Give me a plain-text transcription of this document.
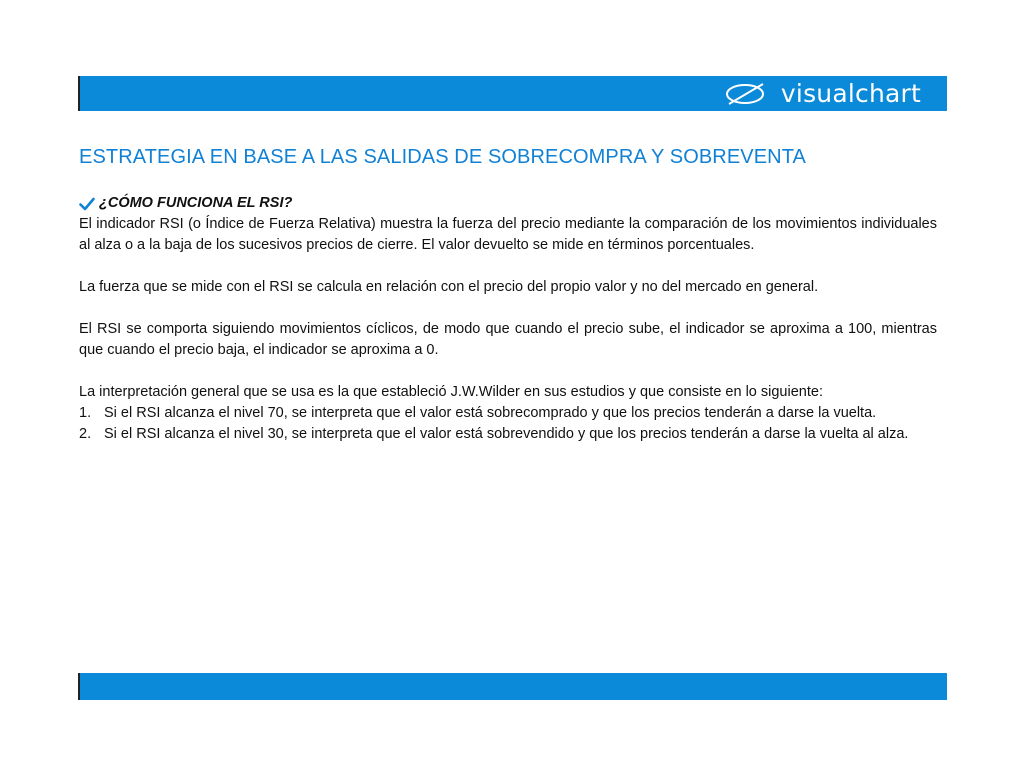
visualchart
ESTRATEGIA EN BASE A LAS SALIDAS DE SOBRECOMPRA Y SOBREVENTA
¿CÓMO FUNCIONA EL RSI?

El indicador RSI (o Índice de Fuerza Relativa) muestra la fuerza del precio mediante la comparación de los movimientos individuales al alza o a la baja de los sucesivos precios de cierre. El valor devuelto se mide en términos porcentuales.

La fuerza que se mide con el RSI se calcula en relación con el precio del propio valor y no del mercado en general.

El RSI se comporta siguiendo movimientos cíclicos, de modo que cuando el precio sube, el indicador se aproxima a 100, mientras que cuando el precio baja, el indicador se aproxima a 0.

La interpretación general que se usa es la que estableció J.W.Wilder en sus estudios y que consiste en lo siguiente:

1. Si el RSI alcanza el nivel 70, se interpreta que el valor está sobrecomprado y que los precios tenderán a darse la vuelta.
2. Si el RSI alcanza el nivel 30, se interpreta que el valor está sobrevendido y que los precios tenderán a darse la vuelta al alza.
